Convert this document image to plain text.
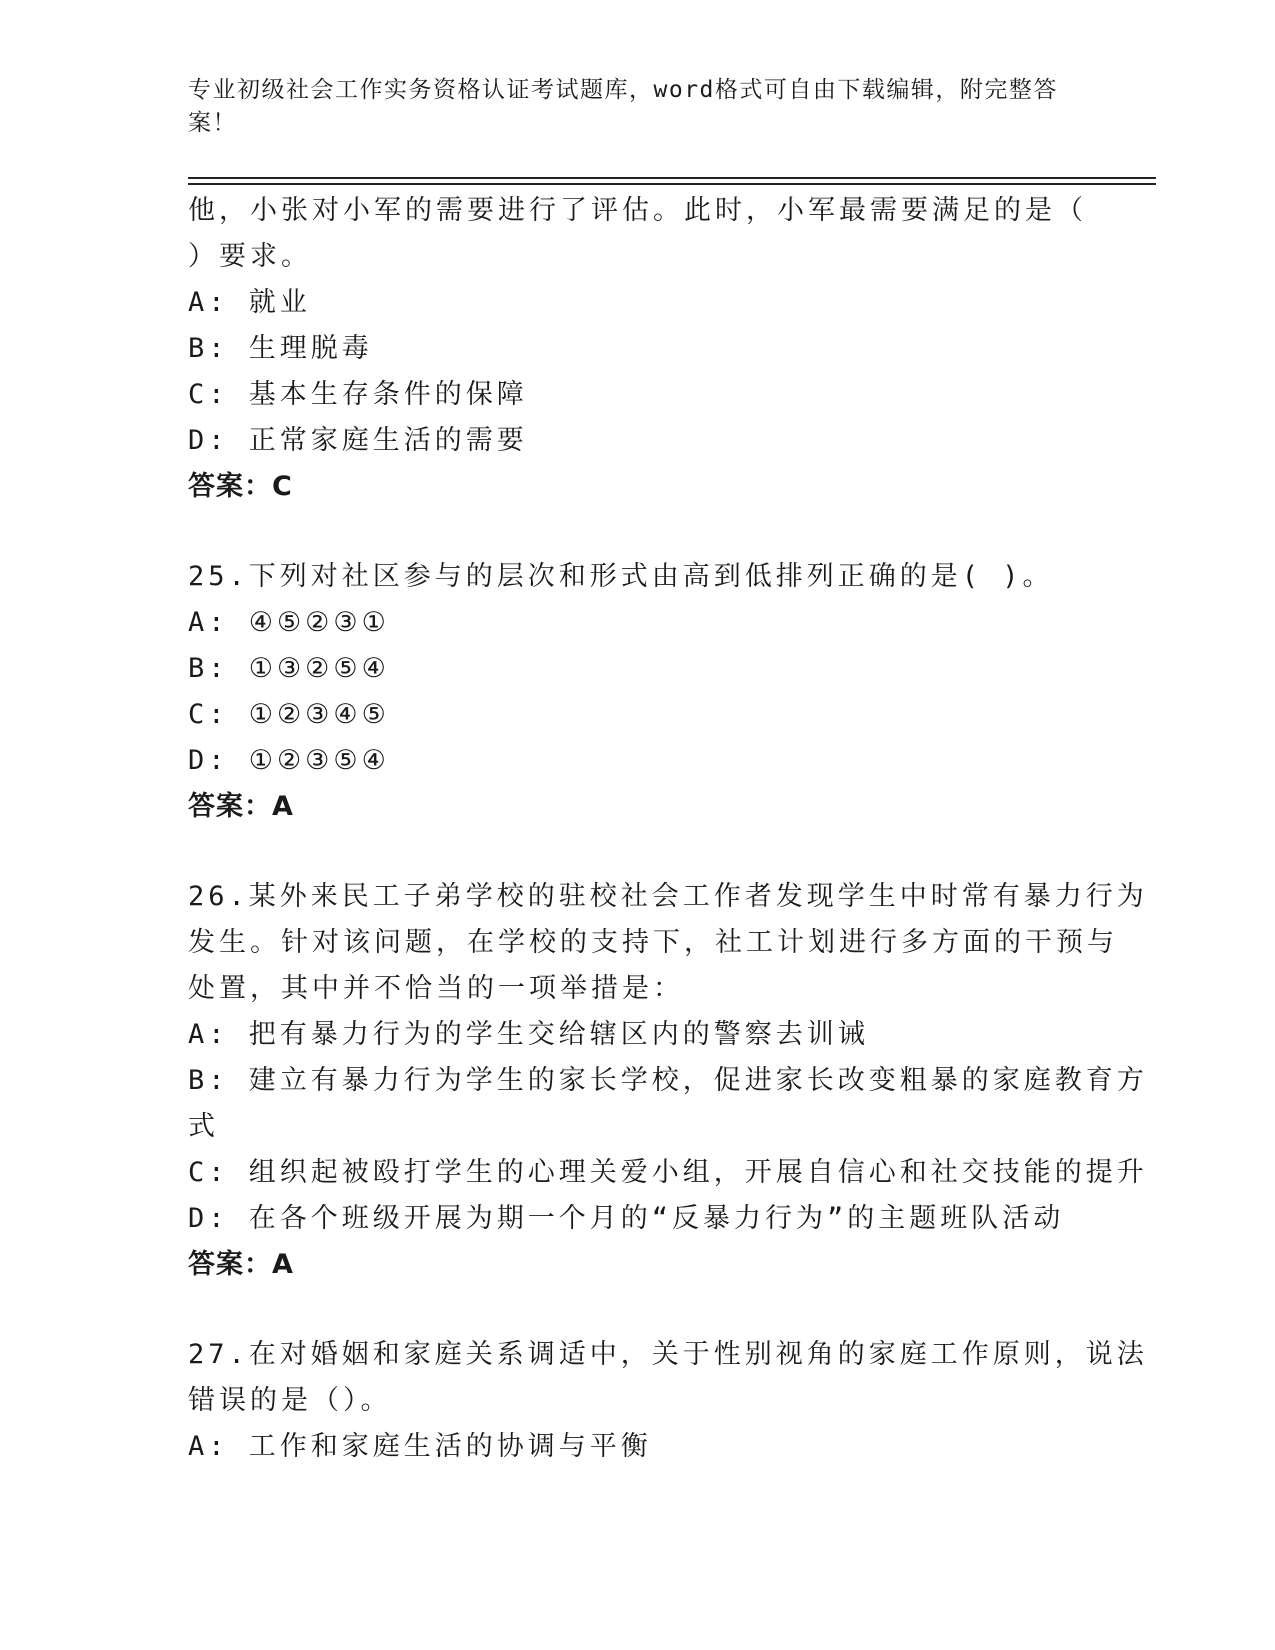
专业初级社会工作实务资格认证考试题库，word格式可自由下载编辑，附完整答案！
他，小张对小军的需要进行了评估。此时，小军最需要满足的是（
）要求。
A: 就业
B: 生理脱毒
C: 基本生存条件的保障
D: 正常家庭生活的需要
答案：C
25.下列对社区参与的层次和形式由高到低排列正确的是( )。
A: ④⑤②③①
B: ①③②⑤④
C: ①②③④⑤
D: ①②③⑤④
答案：A
26.某外来民工子弟学校的驻校社会工作者发现学生中时常有暴力行为
发生。针对该问题，在学校的支持下，社工计划进行多方面的干预与
处置，其中并不恰当的一项举措是：
A: 把有暴力行为的学生交给辖区内的警察去训诫
B: 建立有暴力行为学生的家长学校，促进家长改变粗暴的家庭教育方
式
C: 组织起被殴打学生的心理关爱小组，开展自信心和社交技能的提升
D: 在各个班级开展为期一个月的“反暴力行为”的主题班队活动
答案：A
27.在对婚姻和家庭关系调适中，关于性别视角的家庭工作原则，说法
错误的是（）。
A: 工作和家庭生活的协调与平衡
